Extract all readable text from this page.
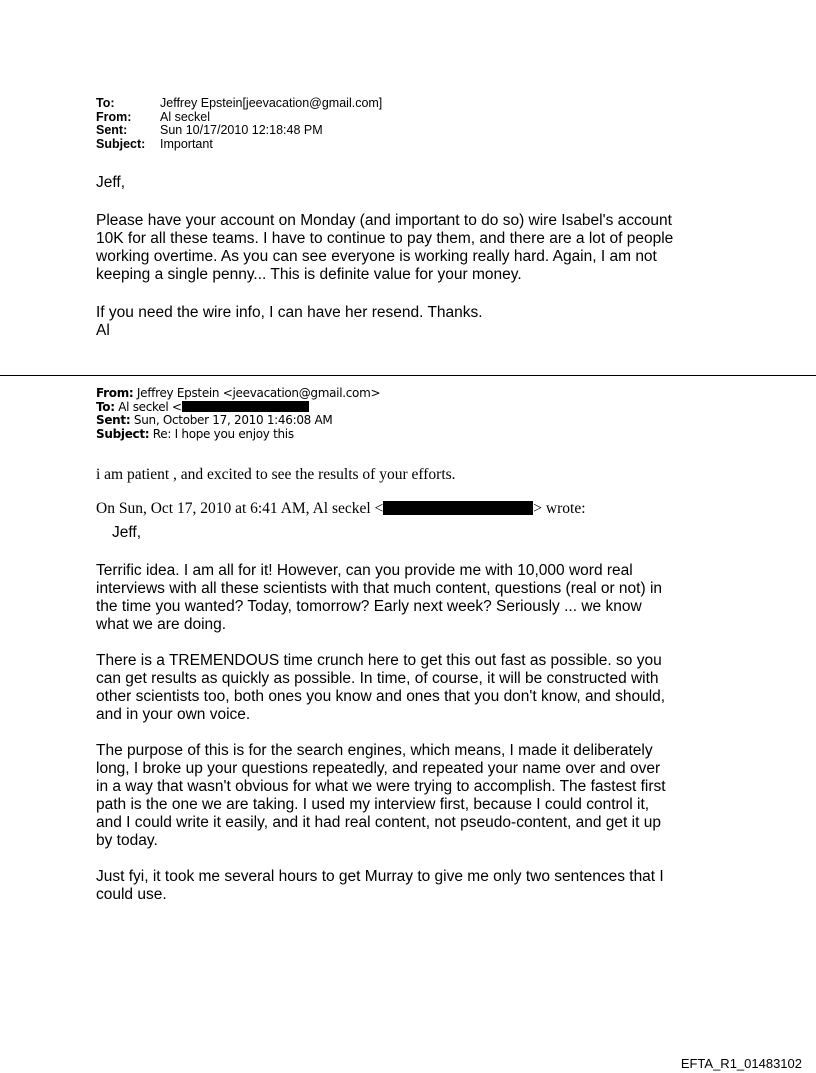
To:	Jeffrey Epstein[jeevacation@gmail.com]
From:	Al seckel
Sent:	Sun 10/17/2010 12:18:48 PM
Subject:	Important

Jeff,

Please have your account on Monday (and important to do so) wire Isabel's account

10K for all these teams. I have to continue to pay them, and there are a lot of people

working overtime. As you can see everyone is working really hard. Again, I am not

keeping a single penny... This is definite value for your money.

If you need the wire info, I can have her resend. Thanks.

Al

From: Jeffrey Epstein <jeevacation@gmail.com>
To: Al seckel <
Sent: Sun, October 17, 2010 1:46:08 AM
Subject: Re: I hope you enjoy this
i am patient , and excited to see the results of your efforts.
On Sun, Oct 17, 2010 at 6:41 AM, Al seckel <	> wrote:

Jeff,

Terrific idea. I am all for it! However, can you provide me with 10,000 word real
interviews with all these scientists with that much content, questions (real or not) in
the time you wanted? Today, tomorrow? Early next week? Seriously ... we know
what we are doing.
There is a TREMENDOUS time crunch here to get this out fast as possible. so you
can get results as quickly as possible. In time, of course, it will be constructed with
other scientists too, both ones you know and ones that you don't know, and should,
and in your own voice.
The purpose of this is for the search engines, which means, I made it deliberately
long, I broke up your questions repeatedly, and repeated your name over and over
in a way that wasn't obvious for what we were trying to accomplish. The fastest first
path is the one we are taking. I used my interview first, because I could control it,
and I could write it easily, and it had real content, not pseudo-content, and get it up
by today.
Just fyi, it took me several hours to get Murray to give me only two sentences that I
could use.
EFTA_R1_01483102
